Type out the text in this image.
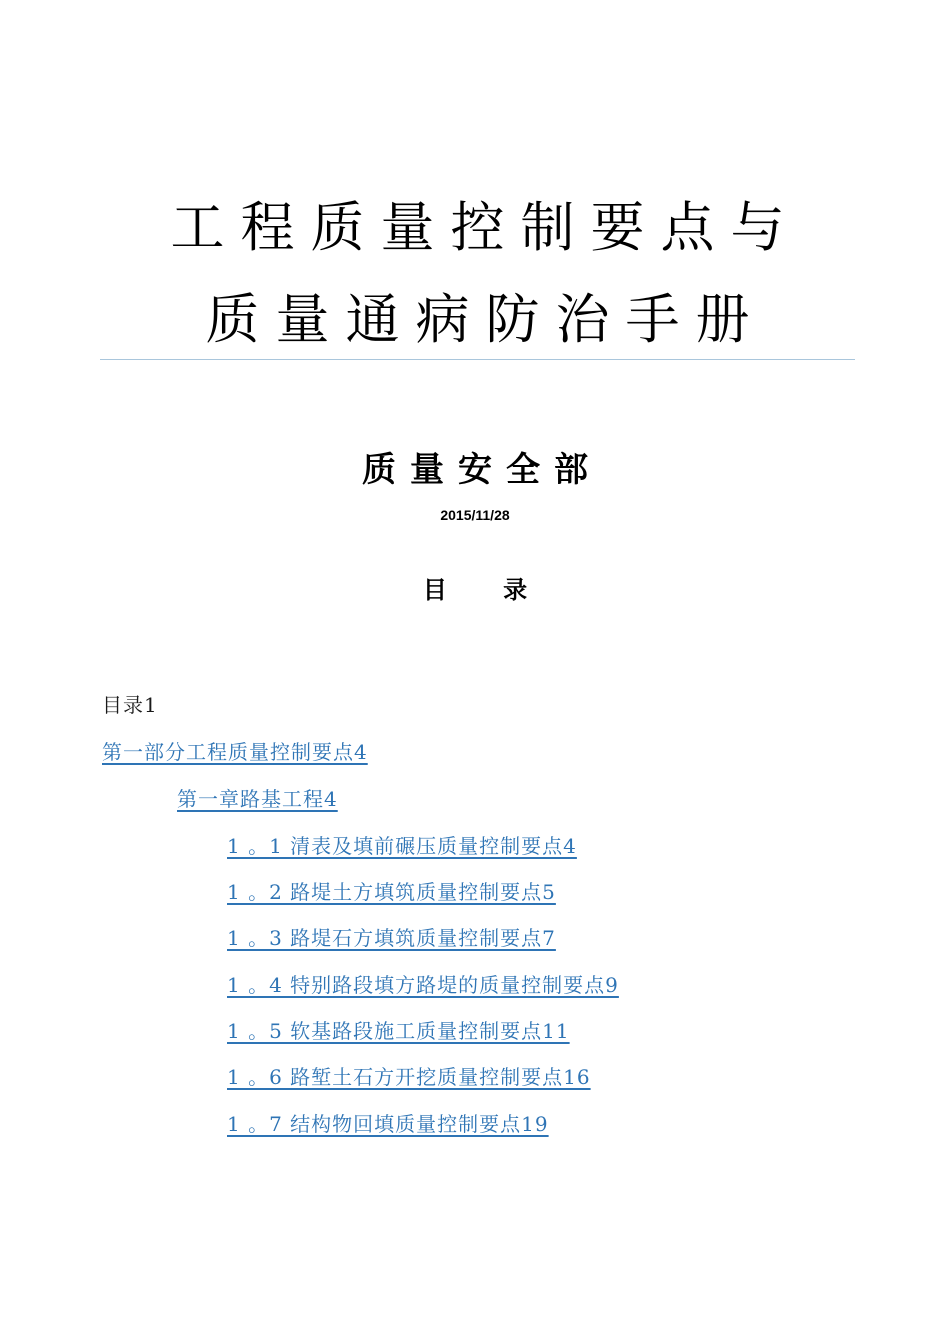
工程质量控制要点与
质量通病防治手册
质量安全部
2015/11/28
目 录
目录1
第一部分工程质量控制要点4
第一章路基工程4
1 。1 清表及填前碾压质量控制要点4
1 。2 路堤土方填筑质量控制要点5
1 。3 路堤石方填筑质量控制要点7
1 。4 特别路段填方路堤的质量控制要点9
1 。5 软基路段施工质量控制要点11
1 。6 路堑土石方开挖质量控制要点16
1 。7 结构物回填质量控制要点19
